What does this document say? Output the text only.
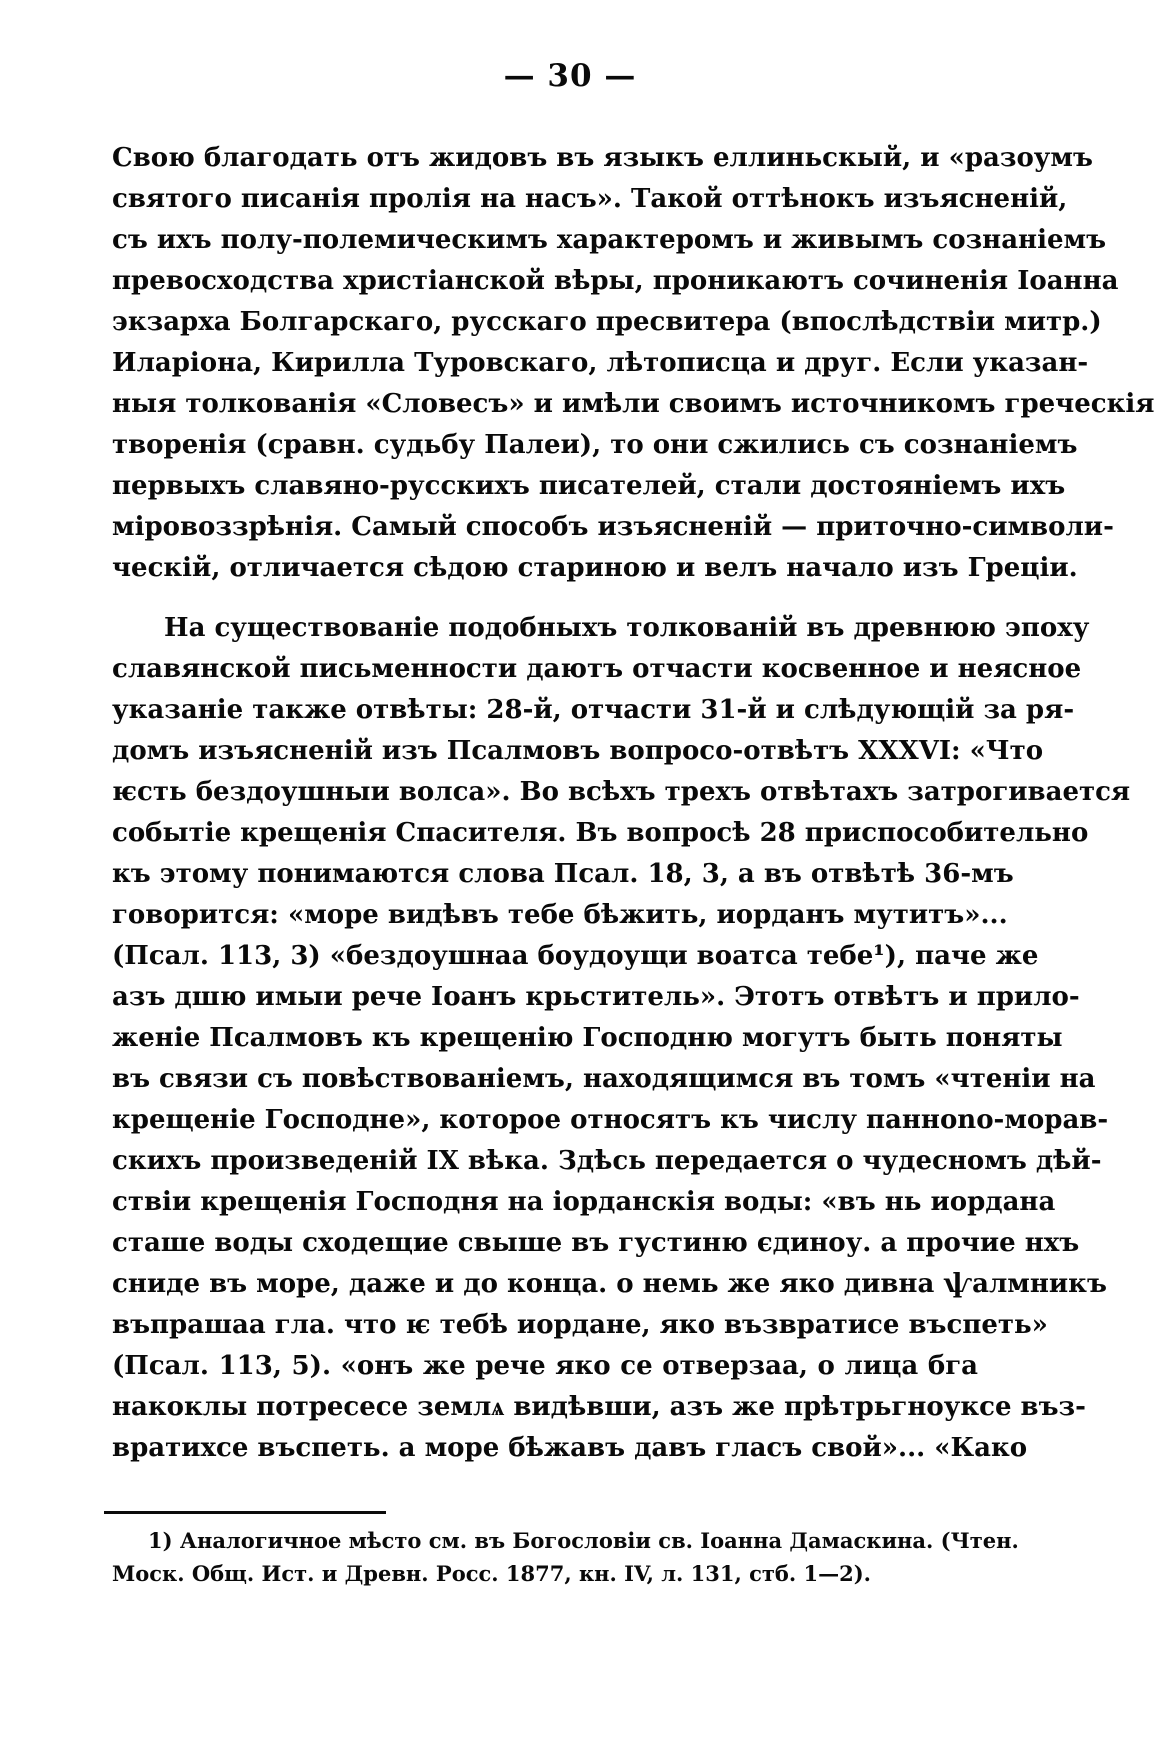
— 30 —
Свою благодать отъ жидовъ въ языкъ еллиньскый, и «разоумъ
святого писанія пролія на насъ». Такой оттѣнокъ изъясненій,
съ ихъ полу-полемическимъ характеромъ и живымъ сознаніемъ
превосходства христіанской вѣры, проникаютъ сочиненія Іоанна
экзарха Болгарскаго, русскаго пресвитера (впослѣдствіи митр.)
Иларіона, Кирилла Туровскаго, лѣтописца и друг. Если указан-
ныя толкованія «Словесъ» и имѣли своимъ источникомъ греческія
творенія (сравн. судьбу Палеи), то они сжились съ сознаніемъ
первыхъ славяно-русскихъ писателей, стали достояніемъ ихъ
міровоззрѣнія. Самый способъ изъясненій — приточно-символи-
ческій, отличается сѣдою стариною и велъ начало изъ Греціи.
На существованіе подобныхъ толкованій въ древнюю эпоху
славянской письменности даютъ отчасти косвенное и неясное
указаніе также отвѣты: 28-й, отчасти 31-й и слѣдующій за ря-
домъ изъясненій изъ Псалмовъ вопросо-отвѣтъ XXXVI: «Что
ѥсть бездоушныи волса». Во всѣхъ трехъ отвѣтахъ затрогивается
событіе крещенія Спасителя. Въ вопросѣ 28 приспособительно
къ этому понимаются слова Псал. 18, 3, а въ отвѣтѣ 36-мъ
говорится: «море видѣвъ тебе бѣжить, иорданъ мутитъ»...
(Псал. 113, 3) «бездоушнаа боудоущи воатса тебе¹), паче же
азъ дшю имыи рече Іоанъ крьститель». Этотъ отвѣтъ и прило-
женіе Псалмовъ къ крещенію Господню могутъ быть поняты
въ связи съ повѣствованіемъ, находящимся въ томъ «чтеніи на
крещеніе Господне», которое относятъ къ числу паннono-морав-
скихъ произведеній IX вѣка. Здѣсь передается о чудесномъ дѣй-
ствіи крещенія Господня на іорданскія воды: «въ нь иордана
сташе воды сходещие свыше въ густиню єдиноу. а прочие нхъ
сниде въ море, даже и до конца. о немь же яко дивна ѱалмникъ
въпрашаа гла. что ѥ тебѣ иордане, яко възвратисе въспеть»
(Псал. 113, 5). «онъ же рече яко се отверзаа, о лица бга
накоклы потресесе землѧ видѣвши, азъ же прѣтрьгноуксе въз-
вратихсе въспеть. а море бѣжавъ давъ гласъ свой»... «Како
1) Аналогичное мѣсто см. въ Богословіи св. Іоанна Дамаскина. (Чтен.
Моск. Общ. Ист. и Древн. Росс. 1877, кн. IV, л. 131, стб. 1—2).
